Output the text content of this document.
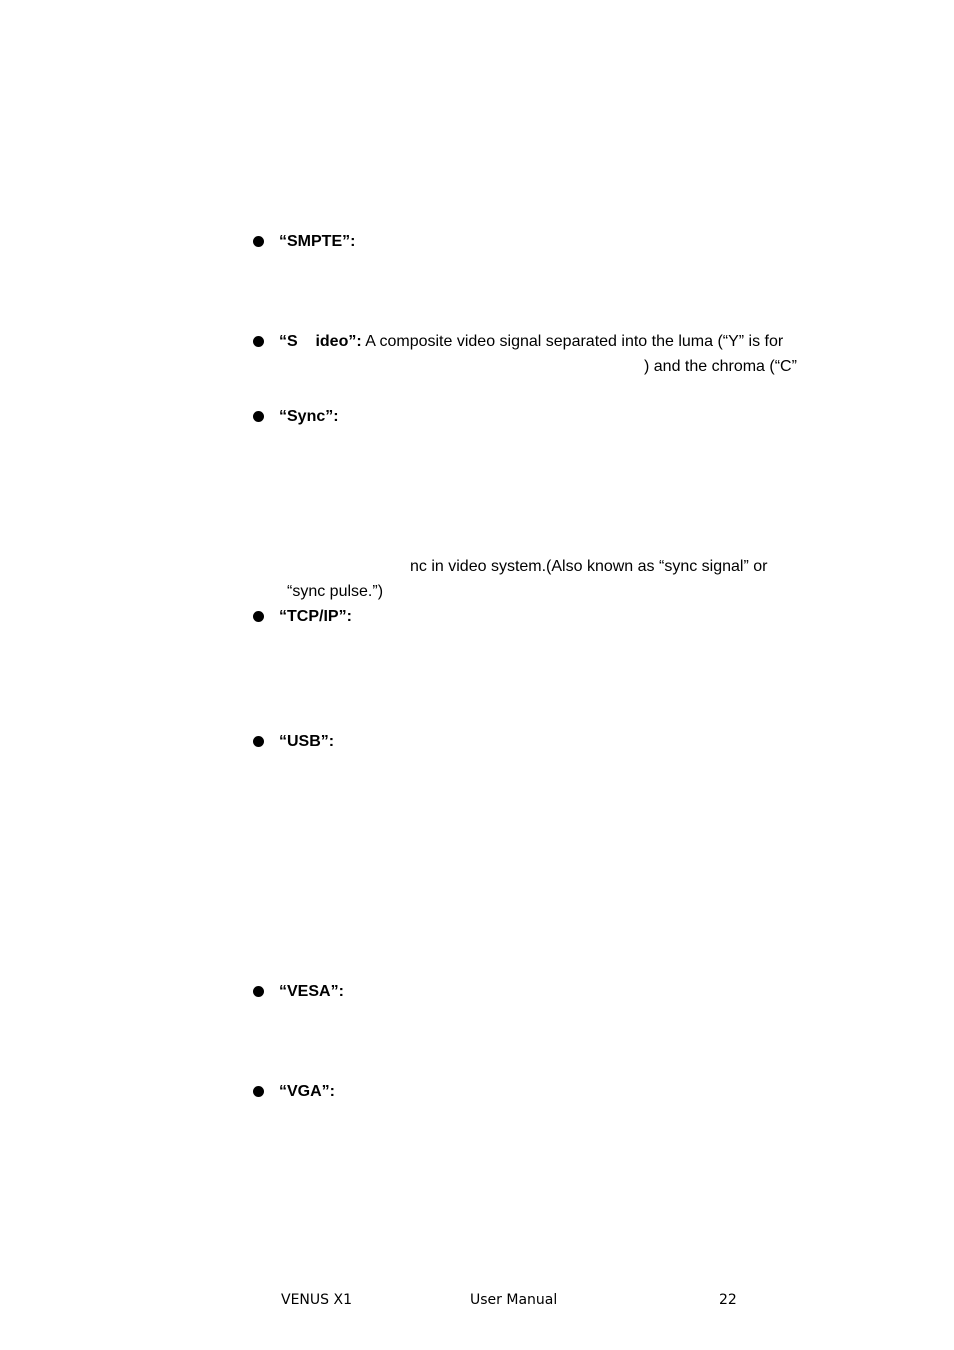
“SMPTE”:
“S    ideo”: A composite video signal separated into the luma (“Y” is for
) and the chroma (“C”
“Sync”:
nc in video system.(Also known as “sync signal” or
“sync pulse.”)
“TCP/IP”:
“USB”:
“VESA”:
“VGA”:
VENUS X1	User Manual	22
